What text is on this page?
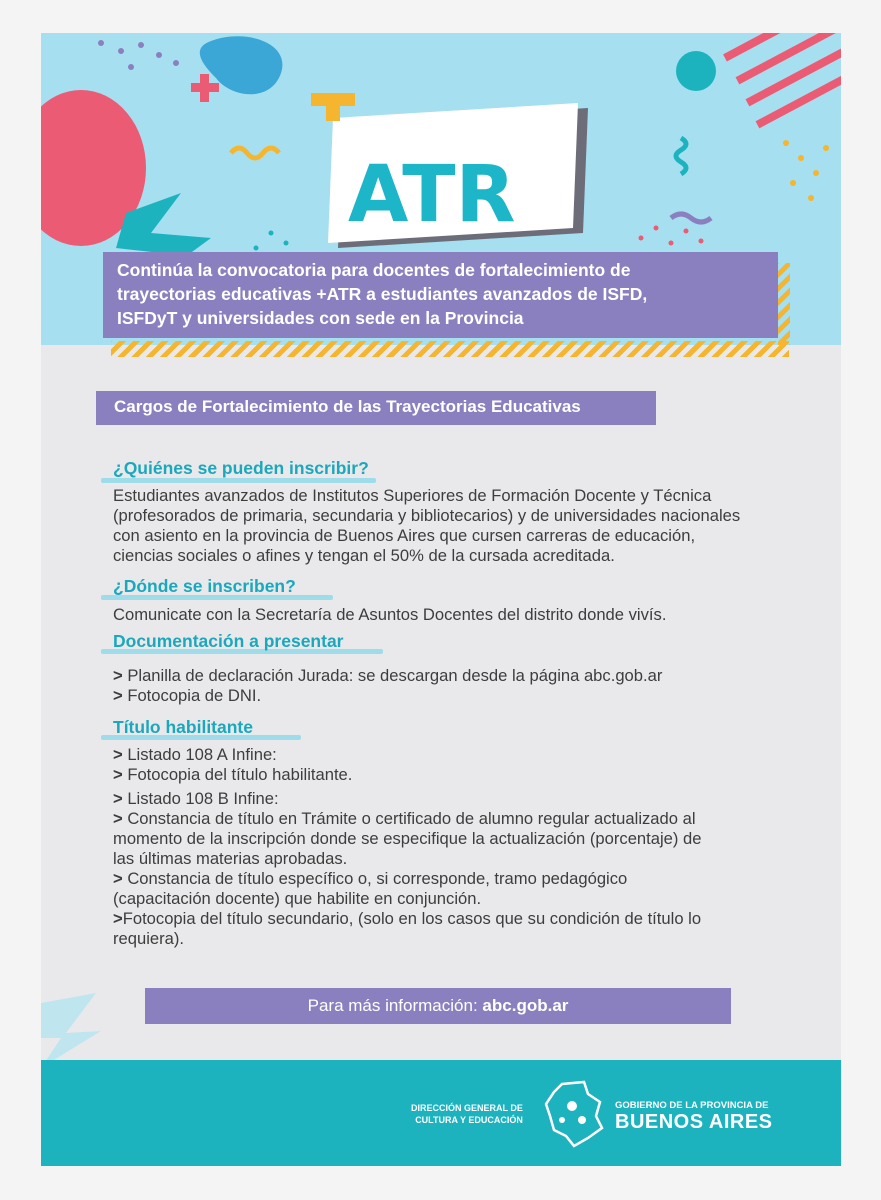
ATR
Continúa la convocatoria para docentes de fortalecimiento de
trayectorias educativas +ATR a estudiantes avanzados de ISFD,
ISFDyT y universidades con sede en la Provincia
Cargos de Fortalecimiento de las Trayectorias Educativas
¿Quiénes se pueden inscribir?
Estudiantes avanzados de Institutos Superiores de Formación Docente y Técnica
(profesorados de primaria, secundaria y bibliotecarios) y de universidades nacionales
con asiento en la provincia de Buenos Aires que cursen carreras de educación,
ciencias sociales o afines y tengan el 50% de la cursada acreditada.
¿Dónde se inscriben?
Comunicate con la Secretaría de Asuntos Docentes del distrito donde vivís.
Documentación a presentar
> Planilla de declaración Jurada: se descargan desde la página abc.gob.ar
> Fotocopia de DNI.
Título habilitante
> Listado 108 A Infine:
> Fotocopia del título habilitante.
> Listado 108 B Infine:
> Constancia de título en Trámite o certificado de alumno regular actualizado al
momento de la inscripción donde se especifique la actualización (porcentaje) de
las últimas materias aprobadas.
> Constancia de título específico o, si corresponde, tramo pedagógico
(capacitación docente) que habilite en conjunción.
>Fotocopia del título secundario, (solo en los casos que su condición de título lo
requiera).
Para más información: abc.gob.ar
DIRECCIÓN GENERAL DE
CULTURA Y EDUCACIÓN
GOBIERNO DE LA PROVINCIA DE
BUENOS AIRES
